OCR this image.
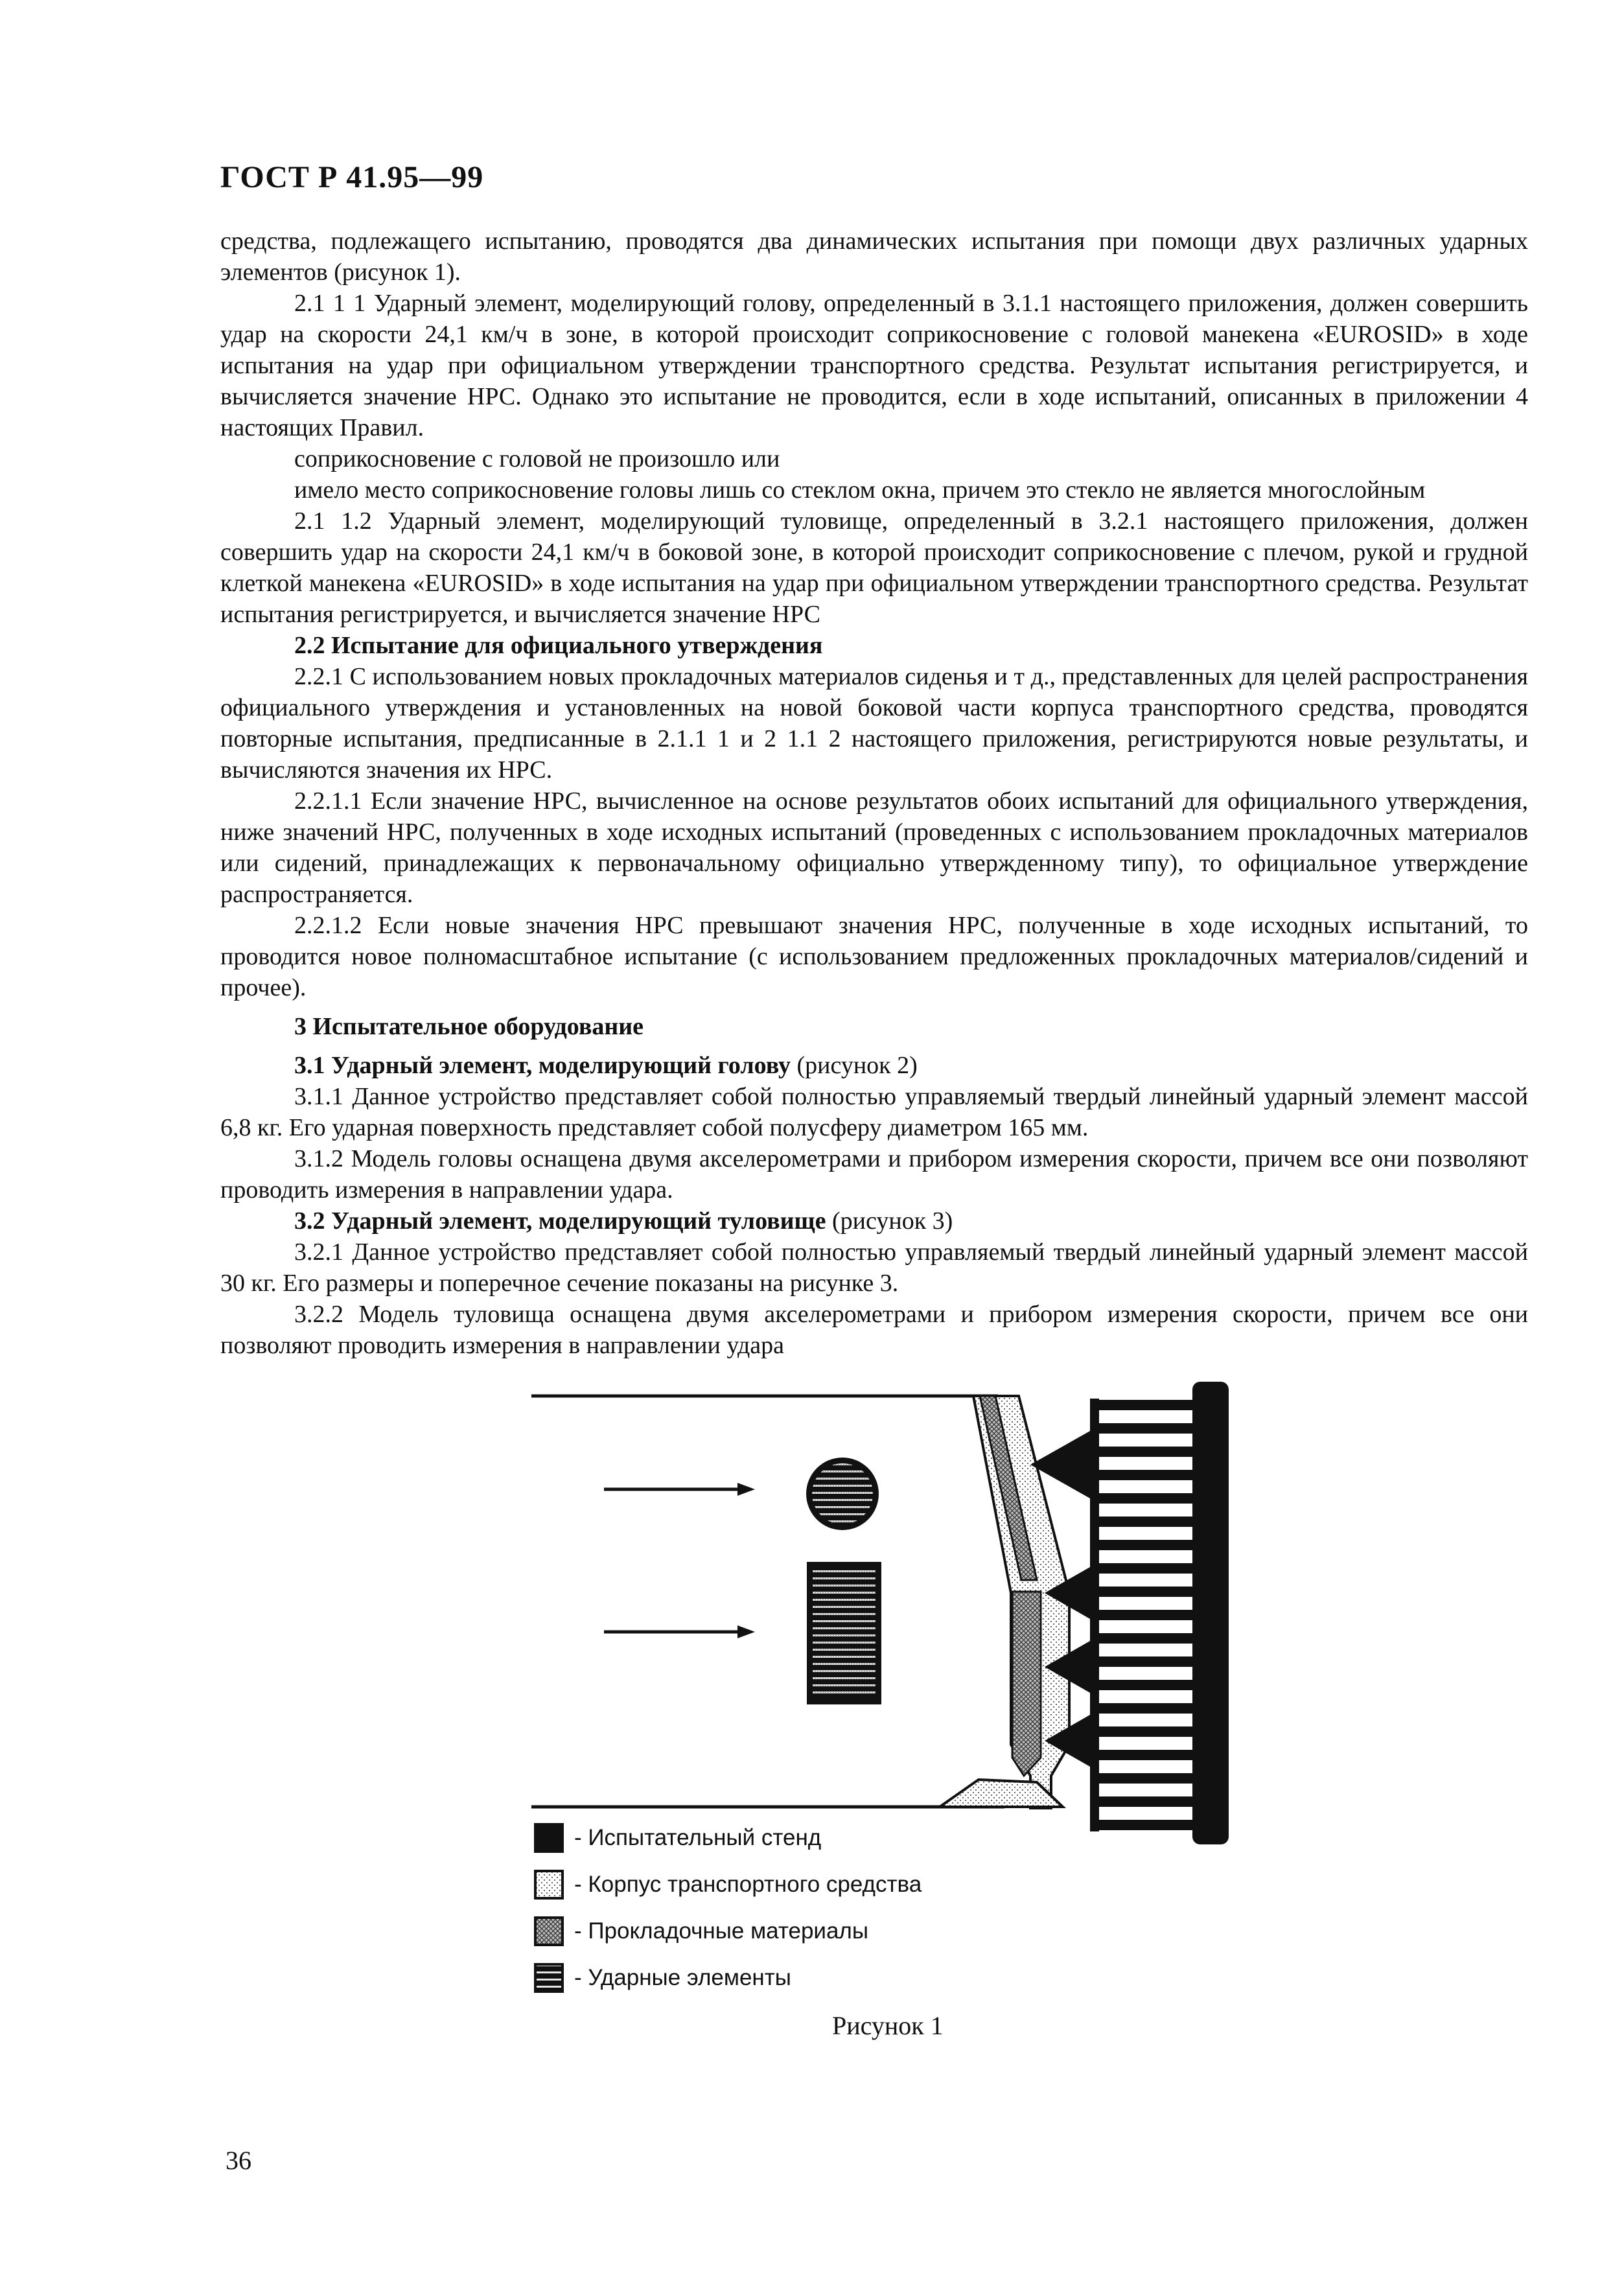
ГОСТ Р 41.95—99

средства, подлежащего испытанию, проводятся два динамических испытания при помощи двух различных ударных элементов (рисунок 1).

2.1 1 1 Ударный элемент, моделирующий голову, определенный в 3.1.1 настоящего приложения, должен совершить удар на скорости 24,1 км/ч в зоне, в которой происходит соприкосновение с головой манекена «EUROSID» в ходе испытания на удар при официальном утверждении транспортного средства. Результат испытания регистрируется, и вычисляется значение НРС. Однако это испытание не проводится, если в ходе испытаний, описанных в приложении 4 настоящих Правил.

соприкосновение с головой не произошло или

имело место соприкосновение головы лишь со стеклом окна, причем это стекло не является многослойным

2.1 1.2 Ударный элемент, моделирующий туловище, определенный в 3.2.1 настоящего приложения, должен совершить удар на скорости 24,1 км/ч в боковой зоне, в которой происходит соприкосновение с плечом, рукой и грудной клеткой манекена «EUROSID» в ходе испытания на удар при официальном утверждении транспортного средства. Результат испытания регистрируется, и вычисляется значение НРС

2.2 Испытание для официального утверждения

2.2.1 С использованием новых прокладочных материалов сиденья и т д., представленных для целей распространения официального утверждения и установленных на новой боковой части корпуса транспортного средства, проводятся повторные испытания, предписанные в 2.1.1 1 и 2 1.1 2 настоящего приложения, регистрируются новые результаты, и вычисляются значения их НРС.

2.2.1.1 Если значение НРС, вычисленное на основе результатов обоих испытаний для официального утверждения, ниже значений НРС, полученных в ходе исходных испытаний (проведенных с использованием прокладочных материалов или сидений, принадлежащих к первоначальному официально утвержденному типу), то официальное утверждение распространяется.

2.2.1.2 Если новые значения НРС превышают значения НРС, полученные в ходе исходных испытаний, то проводится новое полномасштабное испытание (с использованием предложенных прокладочных материалов/сидений и прочее).

3 Испытательное оборудование

3.1 Ударный элемент, моделирующий голову (рисунок 2)

3.1.1 Данное устройство представляет собой полностью управляемый твердый линейный ударный элемент массой 6,8 кг. Его ударная поверхность представляет собой полусферу диаметром 165 мм.

3.1.2 Модель головы оснащена двумя акселерометрами и прибором измерения скорости, причем все они позволяют проводить измерения в направлении удара.

3.2 Ударный элемент, моделирующий туловище (рисунок 3)

3.2.1 Данное устройство представляет собой полностью управляемый твердый линейный ударный элемент массой 30 кг. Его размеры и поперечное сечение показаны на рисунке 3.

3.2.2 Модель туловища оснащена двумя акселерометрами и прибором измерения скорости, причем все они позволяют проводить измерения в направлении удара

- Испытательный стенд
- Корпус транспортного средства
- Прокладочные материалы
- Ударные элементы
Рисунок 1
36
